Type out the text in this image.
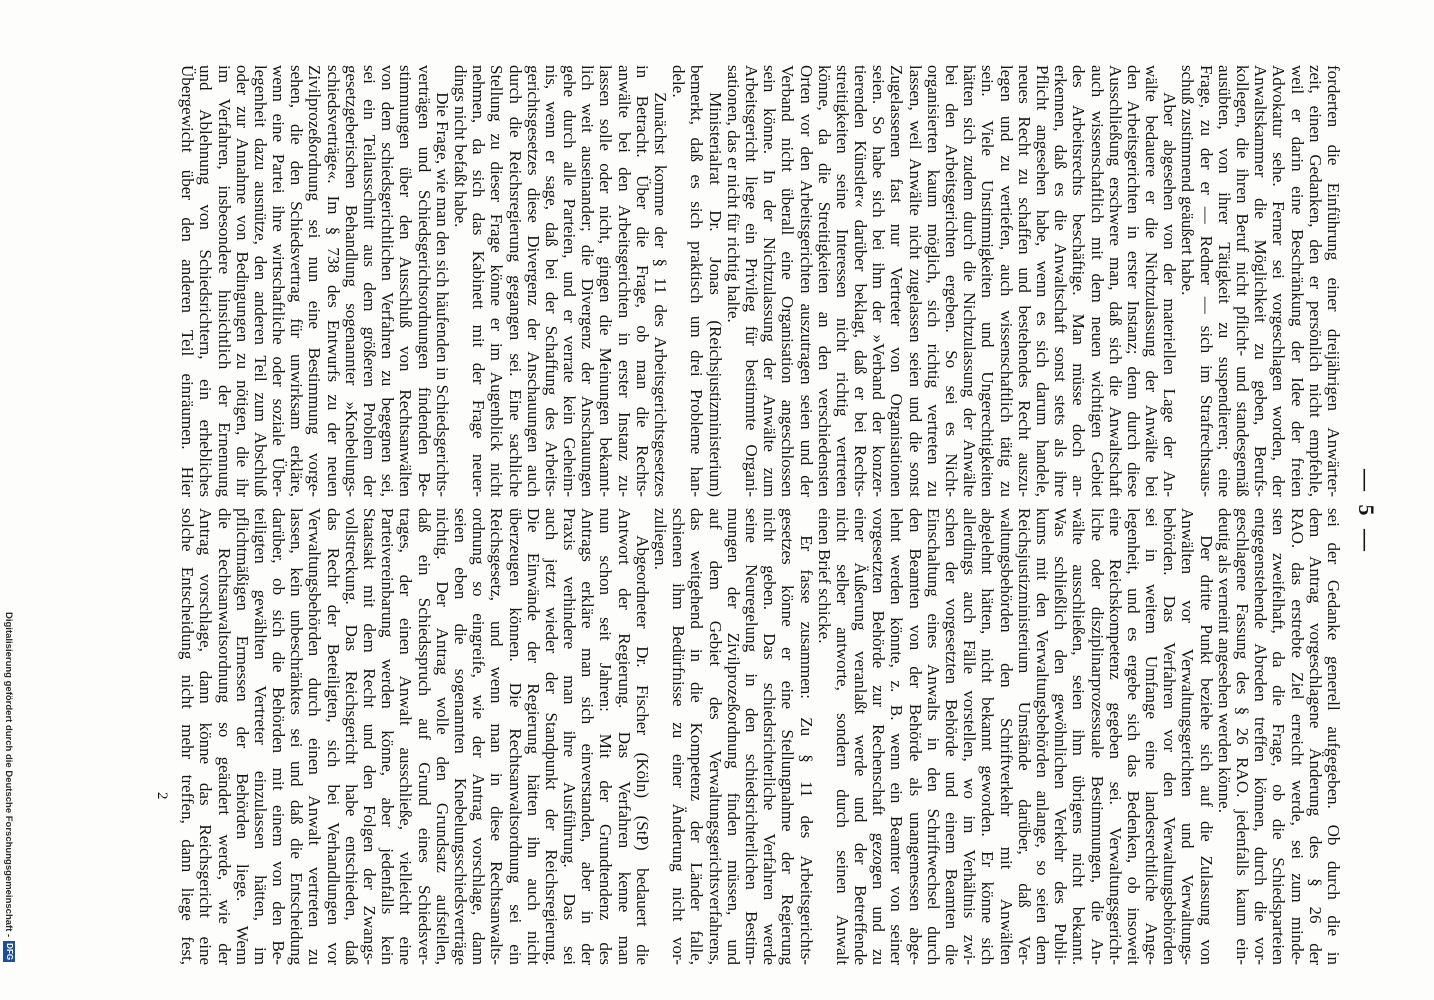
— 5 —
forderten die Einführung einer dreijährigen Anwärter-
zeit, einen Gedanken, den er persönlich nicht empfehle,
weil er darin eine Beschränkung der Idee der freien
Advokatur sehe. Ferner sei vorgeschlagen worden, der
Anwaltskammer die Möglichkeit zu geben, Berufs-
kollegen, die ihren Beruf nicht pflicht- und standesgemäß
ausübten, von ihrer Tätigkeit zu suspendieren; eine
Frage, zu der er — Redner — sich im Strafrechtsaus-
schuß zustimmend geäußert habe.
Aber abgesehen von der materiellen Lage der An-
wälte bedauere er die Nichtzulassung der Anwälte bei
den Arbeitsgerichten in erster Instanz; denn durch diese
Ausschließung erschwere man, daß sich die Anwaltschaft
auch wissenschaftlich mit dem neuen wichtigen Gebiet
des Arbeitsrechts beschäftige. Man müsse doch an-
erkennen, daß es die Anwaltschaft sonst stets als ihre
Pflicht angesehen habe, wenn es sich darum handele,
neues Recht zu schaffen und bestehendes Recht auszu-
legen und zu vertiefen, auch wissenschaftlich tätig zu
sein. Viele Unstimmigkeiten und Ungerechtigkeiten
hätten sich zudem durch die Nichtzulassung der Anwälte
bei den Arbeitsgerichten ergeben. So sei es Nicht-
organisierten kaum möglich, sich richtig vertreten zu
lassen, weil Anwälte nicht zugelassen seien und die sonst
Zugelassenen fast nur Vertreter von Organisationen
seien. So habe sich bei ihm der »Verband der konzer-
tierenden Künstler« darüber beklagt, daß er bei Rechts-
streitigkeiten seine Interessen nicht richtig vertreten
könne, da die Streitigkeiten an den verschiedensten
Orten vor den Arbeitsgerichten auszutragen seien und der
Verband nicht überall eine Organisation angeschlossen
sein könne. In der Nichtzulassung der Anwälte zum
Arbeitsgericht liege ein Privileg für bestimmte Organi-
sationen, das er nicht für richtig halte.
Ministerialrat Dr. Jonas (Reichsjustizministerium)
bemerkt, daß es sich praktisch um drei Probleme han-
dele.
Zunächst komme der § 11 des Arbeitsgerichtsgesetzes
in Betracht. Über die Frage, ob man die Rechts-
anwälte bei den Arbeitsgerichten in erster Instanz zu-
lassen solle oder nicht, gingen die Meinungen bekannt-
lich weit auseinander; die Divergenz der Anschauungen
gehe durch alle Parteien, und er verrate kein Geheim-
nis, wenn er sage, daß bei der Schaffung des Arbeits-
gerichtsgesetzes diese Divergenz der Anschauungen auch
durch die Reichsregierung gegangen sei. Eine sachliche
Stellung zu dieser Frage könne er im Augenblick nicht
nehmen, da sich das Kabinett mit der Frage neuer-
dings nicht befaßt habe.
Die Frage, wie man den sich häufenden in Schiedsgerichts-
verträgen und Schiedsgerichtsordnungen findenden Be-
stimmungen über den Ausschluß von Rechtsanwälten
von dem schiedsgerichtlichen Verfahren zu begegnen sei,
sei ein Teilausschnitt aus dem größeren Problem der
gesetzgeberischen Behandlung sogenannter »Knebelungs-
schiedsverträge«. Im § 738 des Entwurfs zu der neuen
Zivilprozeßordnung sei nun eine Bestimmung vorge-
sehen, die den Schiedsvertrag für unwirksam erkläre,
wenn eine Partei ihre wirtschaftliche oder soziale Über-
legenheit dazu ausnütze, den anderen Teil zum Abschluß
oder zur Annahme von Bedingungen zu nötigen, die ihr
im Verfahren, insbesondere hinsichtlich der Ernennung
und Ablehnung von Schiedsrichtern, ein erhebliches
Übergewicht über den anderen Teil einräumen. Hier
sei der Gedanke generell aufgegeben. Ob durch die in
dem Antrag vorgeschlagene Änderung des § 26 der
RAO. das erstrebte Ziel erreicht werde, sei zum minde-
sten zweifelhaft, da die Frage, ob die Schiedsparteien
entgegenstehende Abreden treffen können, durch die vor-
geschlagene Fassung des § 26 RAO. jedenfalls kaum ein-
deutig als verneint angesehen werden könne.
Der dritte Punkt beziehe sich auf die Zulassung von
Anwälten vor Verwaltungsgerichten und Verwaltungs-
behörden. Das Verfahren vor den Verwaltungsbehörden
sei in weitem Umfange eine landesrechtliche Ange-
legenheit, und es ergebe sich das Bedenken, ob insoweit
eine Reichskompetenz gegeben sei. Verwaltungsgericht-
liche oder disziplinarprozessuale Bestimmungen, die An-
wälte ausschließen, seien ihm übrigens nicht bekannt.
Was schließlich den gewöhnlichen Verkehr des Publi-
kums mit den Verwaltungsbehörden anlange, so seien dem
Reichsjustizministerium Umstände darüber, daß Ver-
waltungsbehörden den Schriftverkehr mit Anwälten
abgelehnt hätten, nicht bekannt geworden. Er könne sich
allerdings auch Fälle vorstellen, wo im Verhältnis zwi-
schen der vorgesetzten Behörde und einem Beamten die
Einschaltung eines Anwalts in den Schriftwechsel durch
den Beamten von der Behörde als unangemessen abge-
lehnt werden könnte, z. B. wenn ein Beamter von seiner
vorgesetzten Behörde zur Rechenschaft gezogen und zu
einer Äußerung veranlaßt werde und der Betreffende
nicht selber antworte, sondern durch seinen Anwalt
einen Brief schicke.
Er fasse zusammen: Zu § 11 des Arbeitsgerichts-
gesetzes könne er eine Stellungnahme der Regierung
nicht geben. Das schiedsrichterliche Verfahren werde
seine Neuregelung in den schiedsrichterlichen Bestim-
mungen der Zivilprozeßordnung finden müssen, und
auf dem Gebiet des Verwaltungsgerichtsverfahrens,
das weitgehend in die Kompetenz der Länder falle,
schienen ihm Bedürfnisse zu einer Änderung nicht vor-
zuliegen.
Abgeordneter Dr. Fischer (Köln) (StP) bedauert die
Antwort der Regierung. Das Verfahren kenne man
nun schon seit Jahren: Mit der Grundtendenz des
Antrags erkläre man sich einverstanden, aber in der
Praxis verhindere man ihre Ausführung. Das sei
auch jetzt wieder der Standpunkt der Reichsregierung.
Die Einwände der Regierung hätten ihn auch nicht
überzeugen können. Die Rechtsanwaltsordnung sei ein
Reichsgesetz, und wenn man in diese Rechtsanwalts-
ordnung so eingreife, wie der Antrag vorschlage, dann
seien eben die sogenannten Knebelungsschiedsverträge
nichtig. Der Antrag wolle den Grundsatz aufstellen,
daß ein Schiedsspruch auf Grund eines Schiedsver-
trages, der einen Anwalt ausschließe, vielleicht eine
Parteivereinbarung werden könne, aber jedenfalls kein
Staatsakt mit dem Recht und den Folgen der Zwangs-
vollstreckung. Das Reichsgericht habe entschieden, daß
das Recht der Beteiligten, sich bei Verhandlungen vor
Verwaltungsbehörden durch einen Anwalt vertreten zu
lassen, kein unbeschränktes sei und daß die Entscheidung
darüber, ob sich die Behörden mit einem von den Be-
teiligten gewählten Vertreter einzulassen hätten, im
pflichtmäßigen Ermessen der Behörden liege. Wenn
die Rechtsanwaltsordnung so geändert werde, wie der
Antrag vorschlage, dann könne das Reichsgericht eine
solche Entscheidung nicht mehr treffen, dann liege fest,
2
Digitalisierung gefördert durch die Deutsche Forschungsgemeinschaft -DFG
